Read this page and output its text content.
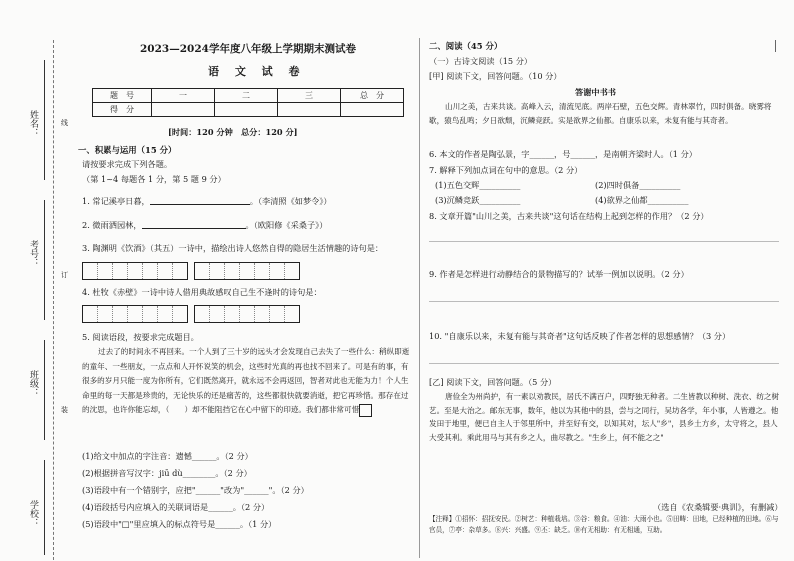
姓名：
考号：
班级：
学校：
线
订
装
2023—2024学年度八年级上学期期末测试卷
语 文 试 卷
题　号	一	二	三	总　分
得　分				
[时间：120 分钟　总分：120 分]
一、积累与运用（15 分）
请按要求完成下列各题。
（第 1~4 每题各 1 分，第 5 题 9 分）
1. 常记溪亭日暮，	。（李清照《如梦令》）
2. 微雨洒园林，	。（欧阳修《采桑子》）
3. 陶渊明《饮酒》（其五）一诗中，描绘出诗人悠然自得的隐居生活情趣的诗句是：
4. 杜牧《赤壁》一诗中诗人借用典故感叹自己生不逢时的诗句是：
5. 阅读语段，按要求完成题目。
过去了的时间永不再回来。一个人到了三十岁的远头才会发现自己去失了一些什么：稍纵即逝的童年、一些朋友，一点点和人开怀说笑的机会，这些时光真的再也找不回来了。可是有的事，有很多的岁月只能一度为你所有，它们既然离开，就永远不会再返回，智者对此也无能为力！个人生命里的每一天都是珍贵的，无论快乐的还是痛苦的，这些都很快就要消逝，把它再珍惜。那存在过的沈思，也许你能忘却，（　　）却不能阻挡它在心中留下的印迹。我们都非常可惜
(1)给文中加点的字注音：遗憾______。（2 分）
(2)根据拼音写汉字：jiū dù________。（2 分）
(3)语段中有一个错别字，应把"______"改为"______"。（2 分）
(4)语段括号内应填入的关联词语是______。（2 分）
(5)语段中"□"里应填入的标点符号是______。（1 分）
二、阅读（45 分）
（一）古诗文阅读（15 分）
[甲] 阅读下文，回答问题。（10 分）
答谢中书书
山川之美，古来共谈。高峰入云，清流见底。两岸石壁，五色交辉。青林翠竹，四时俱备。晓雾将歇，猿鸟乱鸣；夕日欲颓，沉鳞竞跃。实是欲界之仙都。自康乐以来，未复有能与其奇者。
6. 本文的作者是陶弘景，字______，号______，是南朝齐梁时人。（1 分）
7. 解释下列加点词在句中的意思。（2 分）
(1)五色交辉__________	(2)四时俱备__________
(3)沉鳞竞跃__________	(4)欲界之仙都__________
8. 文章开篇"山川之美，古来共谈"这句话在结构上起到怎样的作用？（2 分）
9. 作者是怎样进行动静结合的景物描写的？试举一例加以说明。（2 分）
10. "自康乐以来，未复有能与其奇者"这句话反映了作者怎样的思想感情？（3 分）
[乙] 阅读下文，回答问题。（5 分）
唐俭全为州尚护，有一素以劝教民，居氏不满百户，四野独无种者。二生皆教以种树、洗衣、纺之树艺。至是大治之。邮东无事，数年，他以为其他中的县，尝与之同行，吴坊各学，年小事，人皆遵之。他发田于地里，便已自主人于邻里所中，并至好有交，以知其对，坛人"乡"，县乡土方乡，太守将之，县人大受其利。乘此用马与其有乡之人，曲尽教之。"生乡上，何不能之之"
（选自《农桑辑要·典训》，有删减）
【注释】①招怀：招抚安民。②树艺：种植栽培。③谷：粮食。④油：大雨小也。⑤田畴：田地，已经种植的田地。⑥与官员，⑦亭：杂草多。⑧兴：兴盛。⑨丕：缺乏。⑩有无相助：有无相通，互助。
